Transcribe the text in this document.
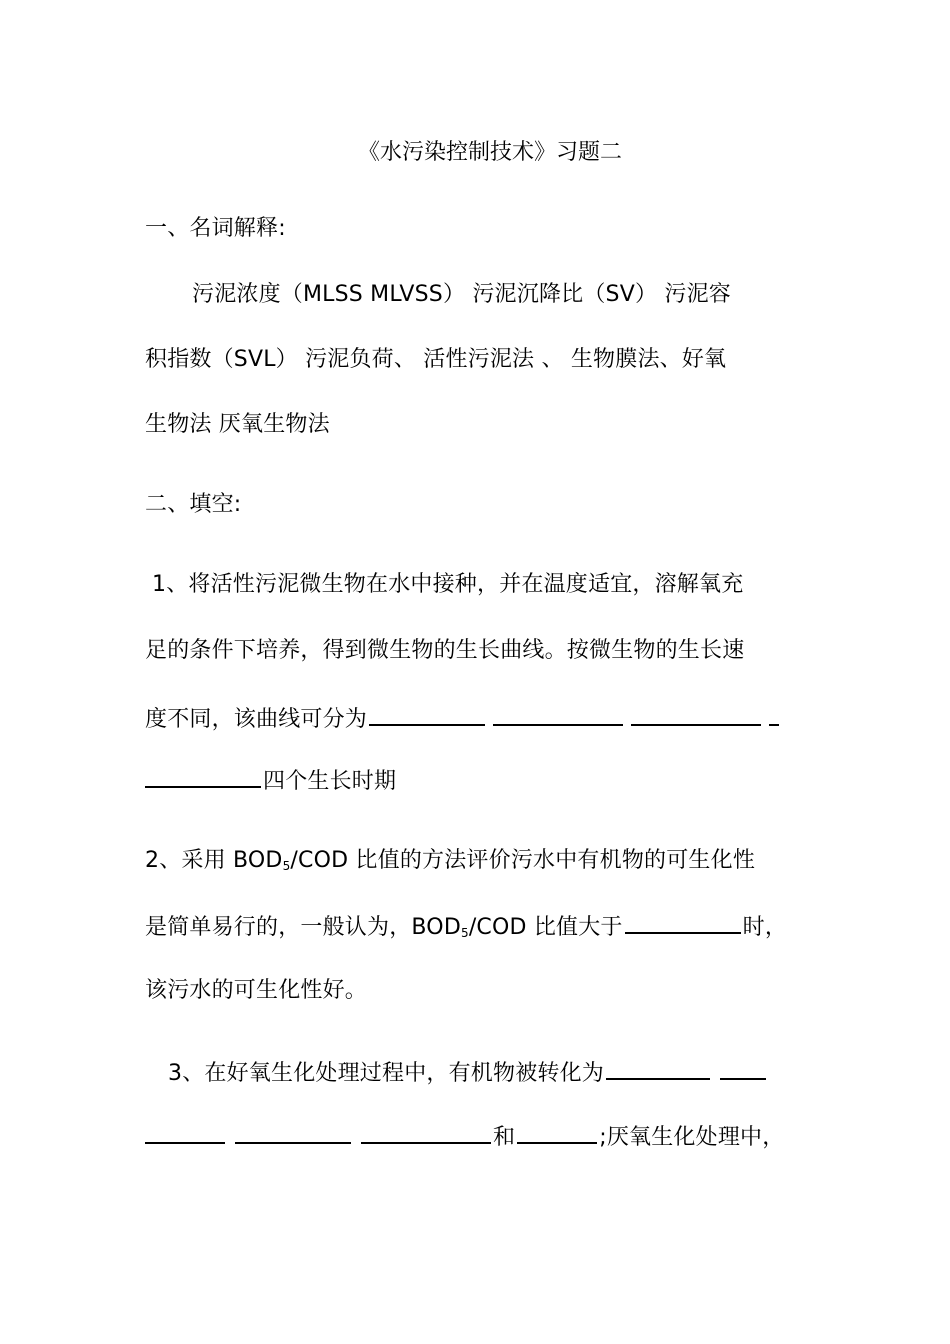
《水污染控制技术》习题二
一、名词解释:
污泥浓度（MLSS MLVSS） 污泥沉降比（SV） 污泥容
积指数（SVL） 污泥负荷、 活性污泥法 、 生物膜法、好氧
生物法 厌氧生物法
二、填空:
1、将活性污泥微生物在水中接种，并在温度适宜，溶解氧充
足的条件下培养，得到微生物的生长曲线。按微生物的生长速
度不同，该曲线可分为
四个生长时期
2、采用 $BOD_5$/COD 比值的方法评价污水中有机物的可生化性
是简单易行的，一般认为，$BOD_5$/COD 比值大于	时，
该污水的可生化性好。
3、在好氧生化处理过程中，有机物被转化为
和	;厌氧生化处理中，
